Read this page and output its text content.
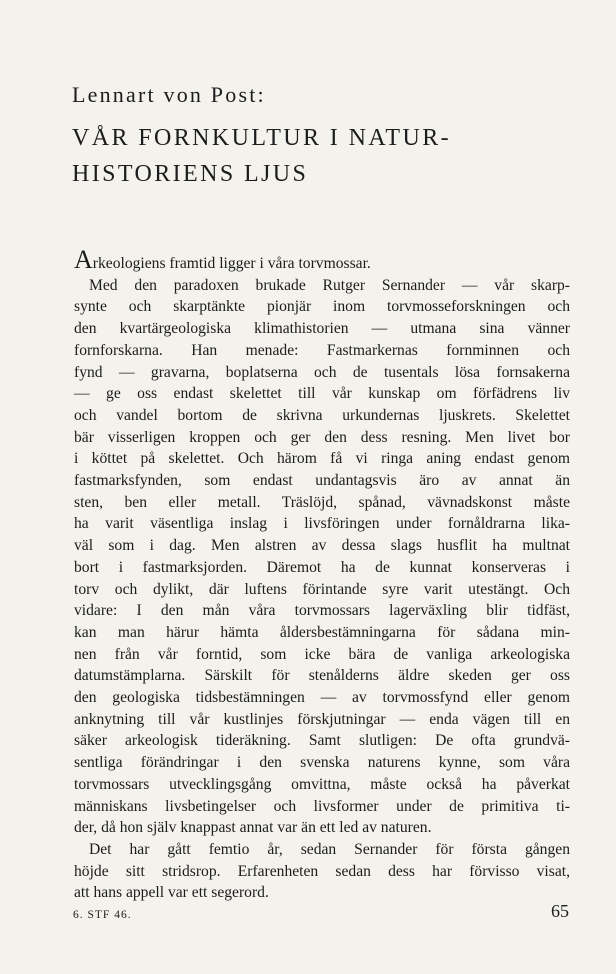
Lennart von Post:
VÅR FORNKULTUR I NATUR-
HISTORIENS LJUS
Arkeologiens framtid ligger i våra torvmossar.
Med den paradoxen brukade Rutger Sernander — vår skarp-
synte och skarptänkte pionjär inom torvmosseforskningen och
den kvartärgeologiska klimathistorien — utmana sina vänner
fornforskarna. Han menade: Fastmarkernas fornminnen och
fynd — gravarna, boplatserna och de tusentals lösa fornsakerna
— ge oss endast skelettet till vår kunskap om förfädrens liv
och vandel bortom de skrivna urkundernas ljuskrets. Skelettet
bär visserligen kroppen och ger den dess resning. Men livet bor
i köttet på skelettet. Och härom få vi ringa aning endast genom
fastmarksfynden, som endast undantagsvis äro av annat än
sten, ben eller metall. Träslöjd, spånad, vävnadskonst måste
ha varit väsentliga inslag i livsföringen under fornåldrarna lika-
väl som i dag. Men alstren av dessa slags husflit ha multnat
bort i fastmarksjorden. Däremot ha de kunnat konserveras i
torv och dylikt, där luftens förintande syre varit utestängt. Och
vidare: I den mån våra torvmossars lagerväxling blir tidfäst,
kan man härur hämta åldersbestämningarna för sådana min-
nen från vår forntid, som icke bära de vanliga arkeologiska
datumstämplarna. Särskilt för stenålderns äldre skeden ger oss
den geologiska tidsbestämningen — av torvmossfynd eller genom
anknytning till vår kustlinjes förskjutningar — enda vägen till en
säker arkeologisk tideräkning. Samt slutligen: De ofta grundvä-
sentliga förändringar i den svenska naturens kynne, som våra
torvmossars utvecklingsgång omvittna, måste också ha påverkat
människans livsbetingelser och livsformer under de primitiva ti-
der, då hon själv knappast annat var än ett led av naturen.
Det har gått femtio år, sedan Sernander för första gången
höjde sitt stridsrop. Erfarenheten sedan dess har förvisso visat,
att hans appell var ett segerord.
6. STF 46.	65
